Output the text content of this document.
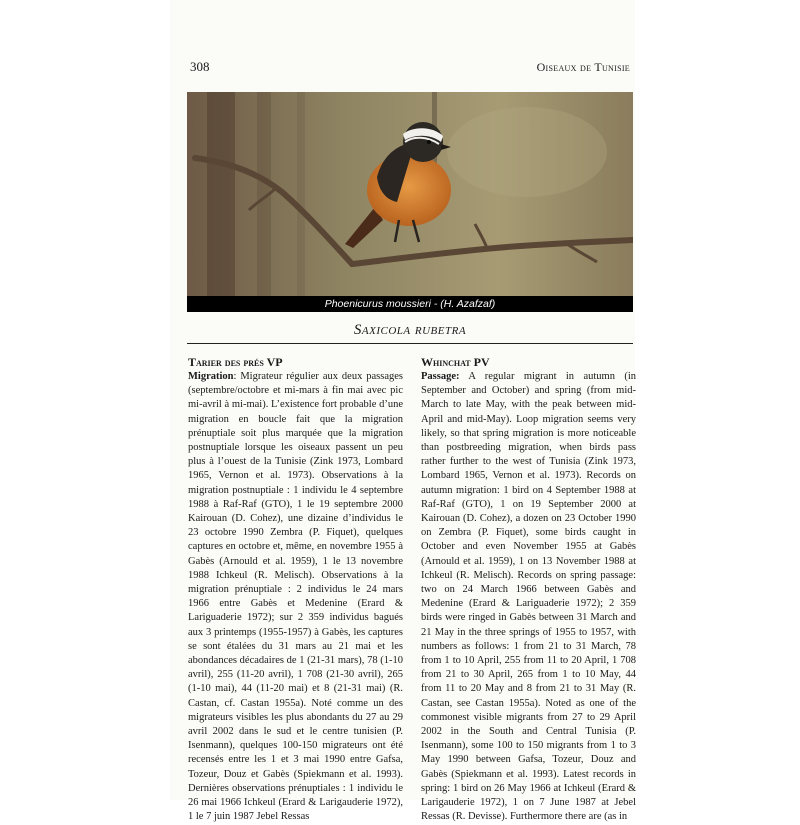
308	Oiseaux de Tunisie
Phoenicurus moussieri - (H. Azafzaf)
Saxicola rubetra
Tarier des prés VP

Migration: Migrateur régulier aux deux passages (septembre/octobre et mi-mars à fin mai avec pic mi-avril à mi-mai). L’existence fort probable d’une migration en boucle fait que la migration prénuptiale soit plus marquée que la migration postnuptiale lorsque les oiseaux passent un peu plus à l’ouest de la Tunisie (Zink 1973, Lombard 1965, Vernon et al. 1973). Observations à la migration postnuptiale : 1 individu le 4 septembre 1988 à Raf-Raf (GTO), 1 le 19 septembre 2000 Kairouan (D. Cohez), une dizaine d’individus le 23 octobre 1990 Zembra (P. Fiquet), quelques captures en octobre et, même, en novembre 1955 à Gabès (Arnould et al. 1959), 1 le 13 novembre 1988 Ichkeul (R. Melisch). Observations à la migration prénuptiale : 2 individus le 24 mars 1966 entre Gabès et Medenine (Erard & Lariguaderie 1972); sur 2 359 individus bagués aux 3 printemps (1955-1957) à Gabès, les captures se sont étalées du 31 mars au 21 mai et les abondances décadaires de 1 (21-31 mars), 78 (1-10 avril), 255 (11-20 avril), 1 708 (21-30 avril), 265 (1-10 mai), 44 (11-20 mai) et 8 (21-31 mai) (R. Castan, cf. Castan 1955a). Noté comme un des migrateurs visibles les plus abondants du 27 au 29 avril 2002 dans le sud et le centre tunisien (P. Isenmann), quelques 100-150 migrateurs ont été recensés entre les 1 et 3 mai 1990 entre Gafsa, Tozeur, Douz et Gabès (Spiekmann et al. 1993). Dernières observations prénuptiales : 1 individu le 26 mai 1966 Ichkeul (Erard & Larigauderie 1972), 1 le 7 juin 1987 Jebel Ressas

Whinchat PV

Passage: A regular migrant in autumn (in September and October) and spring (from mid-March to late May, with the peak between mid-April and mid-May). Loop migration seems very likely, so that spring migration is more noticeable than postbreeding migration, when birds pass rather further to the west of Tunisia (Zink 1973, Lombard 1965, Vernon et al. 1973). Records on autumn migration: 1 bird on 4 September 1988 at Raf-Raf (GTO), 1 on 19 September 2000 at Kairouan (D. Cohez), a dozen on 23 October 1990 on Zembra (P. Fiquet), some birds caught in October and even November 1955 at Gabès (Arnould et al. 1959), 1 on 13 November 1988 at Ichkeul (R. Melisch). Records on spring passage: two on 24 March 1966 between Gabès and Medenine (Erard & Lariguaderie 1972); 2 359 birds were ringed in Gabès between 31 March and 21 May in the three springs of 1955 to 1957, with numbers as follows: 1 from 21 to 31 March, 78 from 1 to 10 April, 255 from 11 to 20 April, 1 708 from 21 to 30 April, 265 from 1 to 10 May, 44 from 11 to 20 May and 8 from 21 to 31 May (R. Castan, see Castan 1955a). Noted as one of the commonest visible migrants from 27 to 29 April 2002 in the South and Central Tunisia (P. Isenmann), some 100 to 150 migrants from 1 to 3 May 1990 between Gafsa, Tozeur, Douz and Gabès (Spiekmann et al. 1993). Latest records in spring: 1 bird on 26 May 1966 at Ichkeul (Erard & Larigauderie 1972), 1 on 7 June 1987 at Jebel Ressas (R. Devisse). Furthermore there are (as in
